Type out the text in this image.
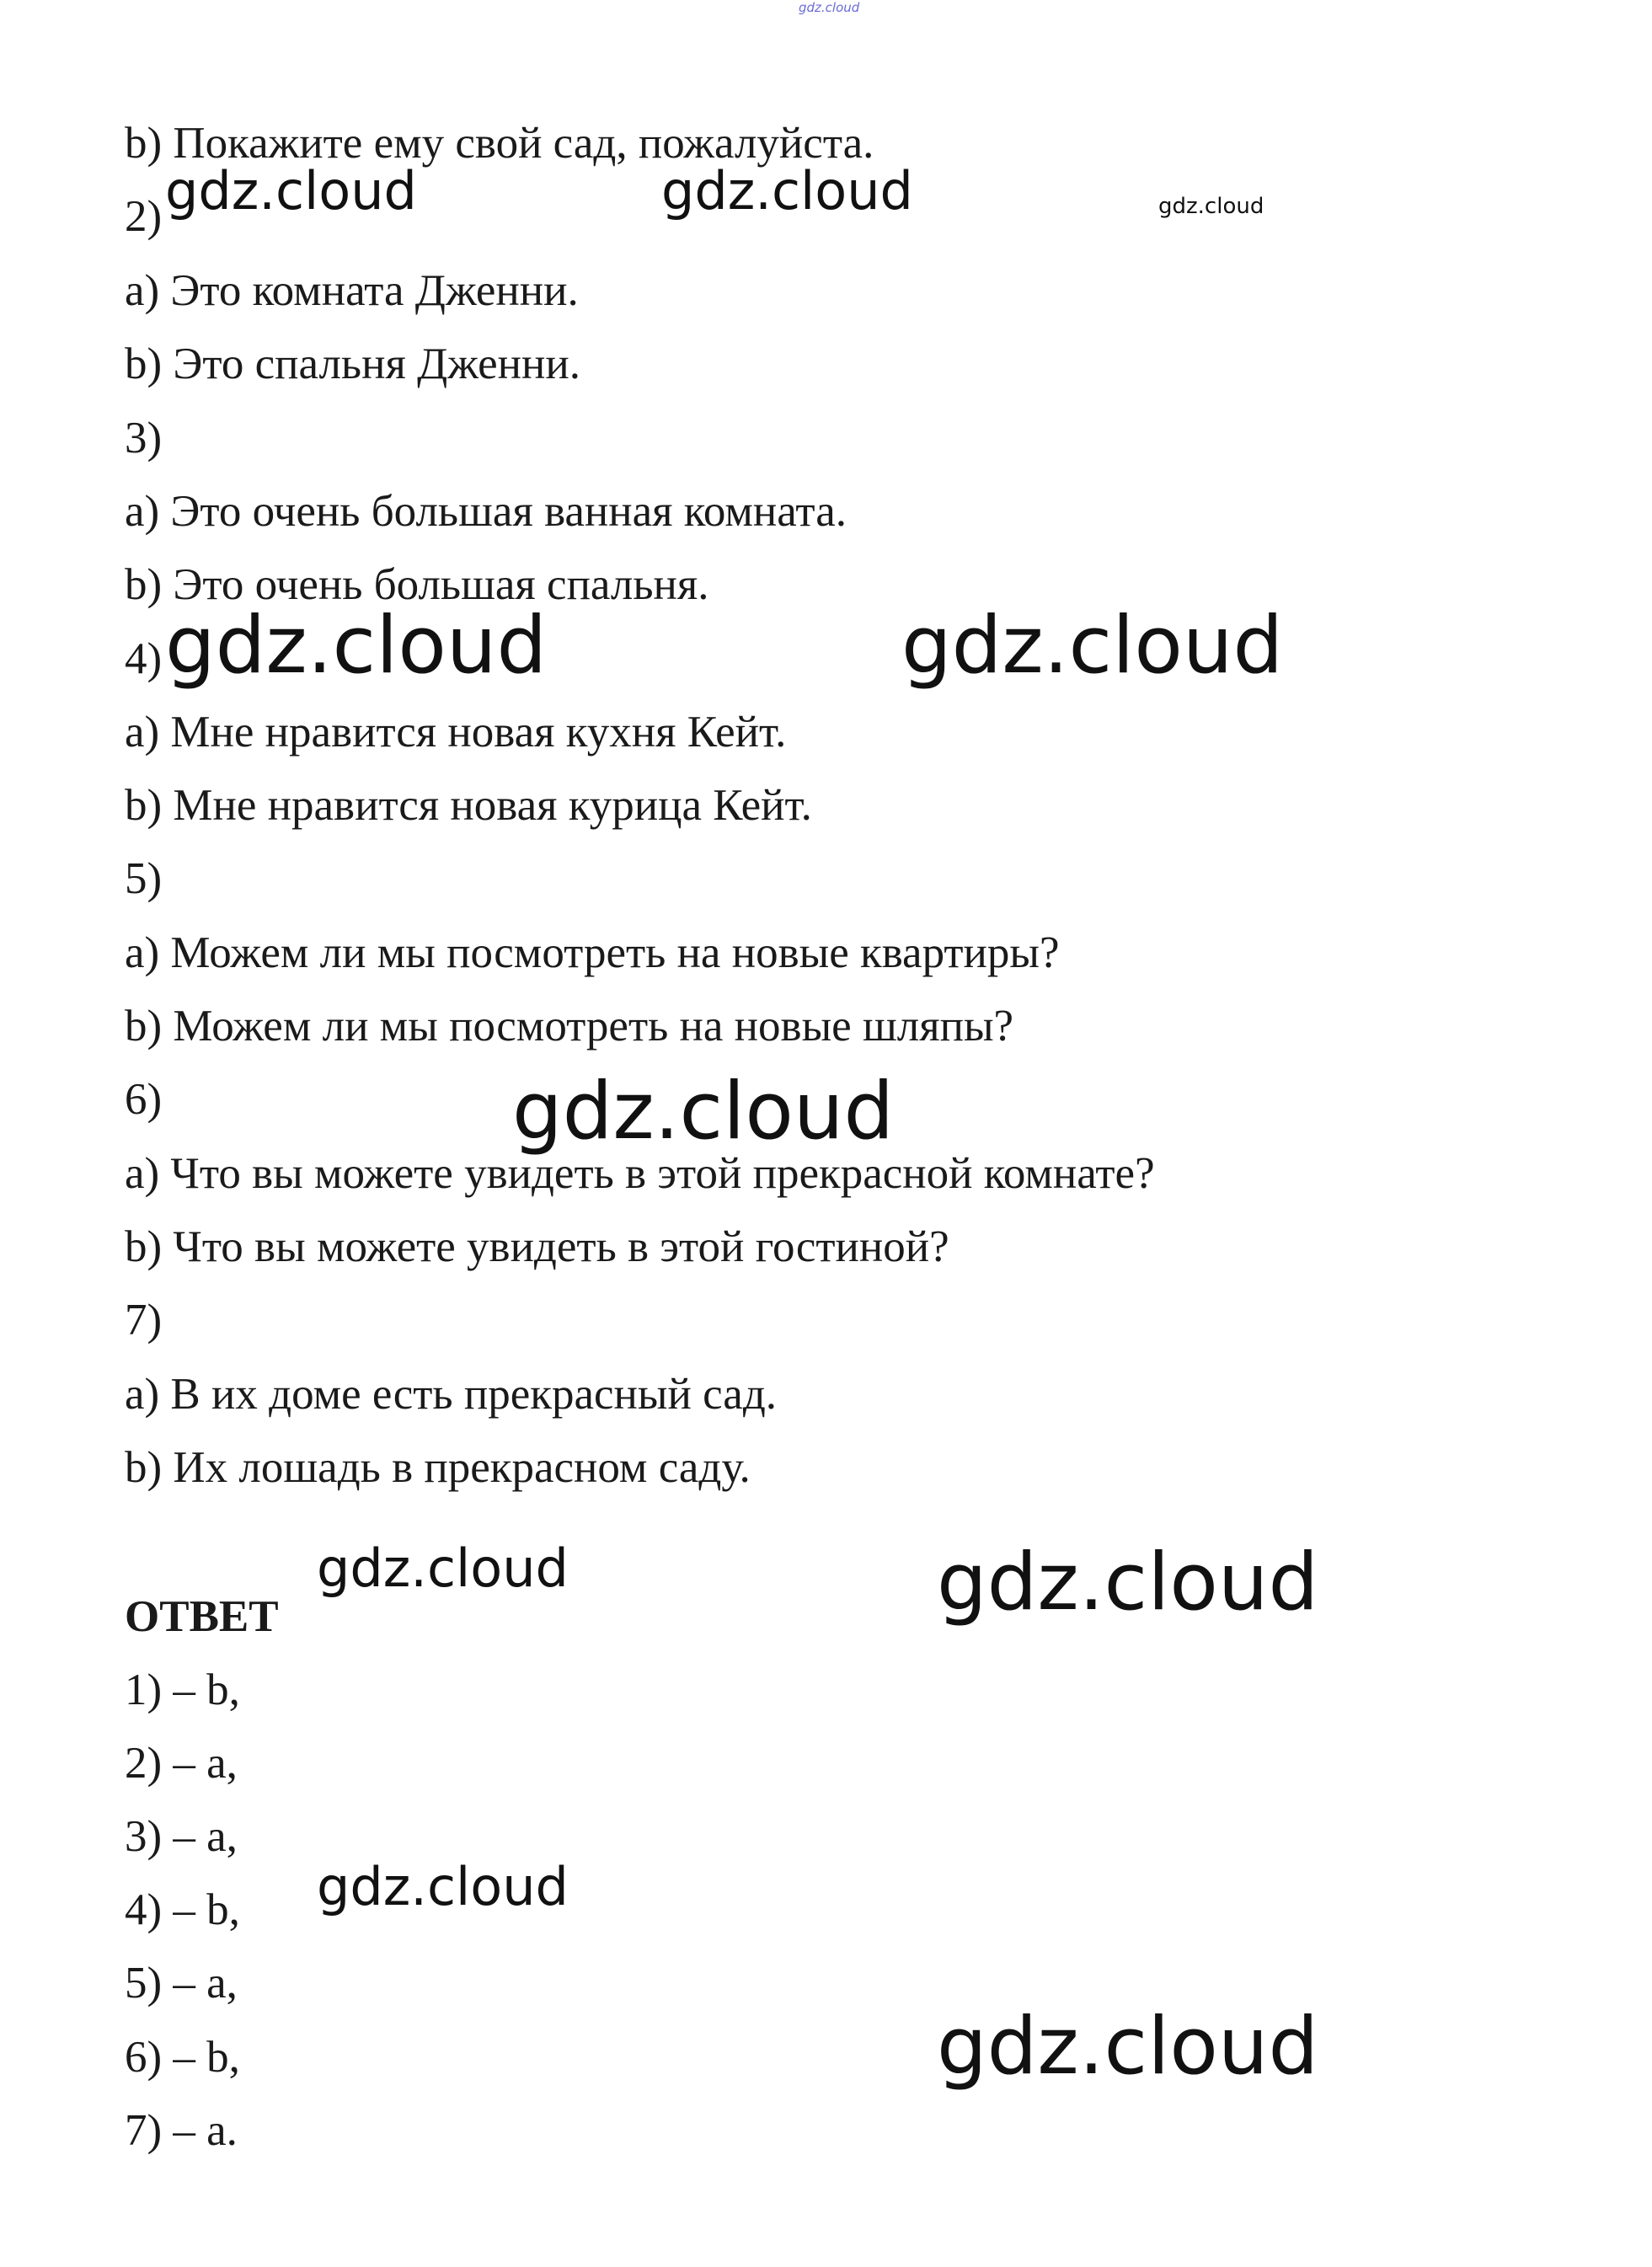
gdz.cloud
b) Покажите ему свой сад, пожалуйста.
2)
a) Это комната Дженни.
b) Это спальня Дженни.
3)
a) Это очень большая ванная комната.
b) Это очень большая спальня.
4)
a) Мне нравится новая кухня Кейт.
b) Мне нравится новая курица Кейт.
5)
a) Можем ли мы посмотреть на новые квартиры?
b) Можем ли мы посмотреть на новые шляпы?
6)
a) Что вы можете увидеть в этой прекрасной комнате?
b) Что вы можете увидеть в этой гостиной?
7)
a) В их доме есть прекрасный сад.
b) Их лошадь в прекрасном саду.
ОТВЕТ
1) – b,
2) – a,
3) – a,
4) – b,
5) – a,
6) – b,
7) – a.
gdz.cloud	gdz.cloud	gdz.cloud
gdz.cloud	gdz.cloud
gdz.cloud
gdz.cloud	gdz.cloud
gdz.cloud
gdz.cloud
